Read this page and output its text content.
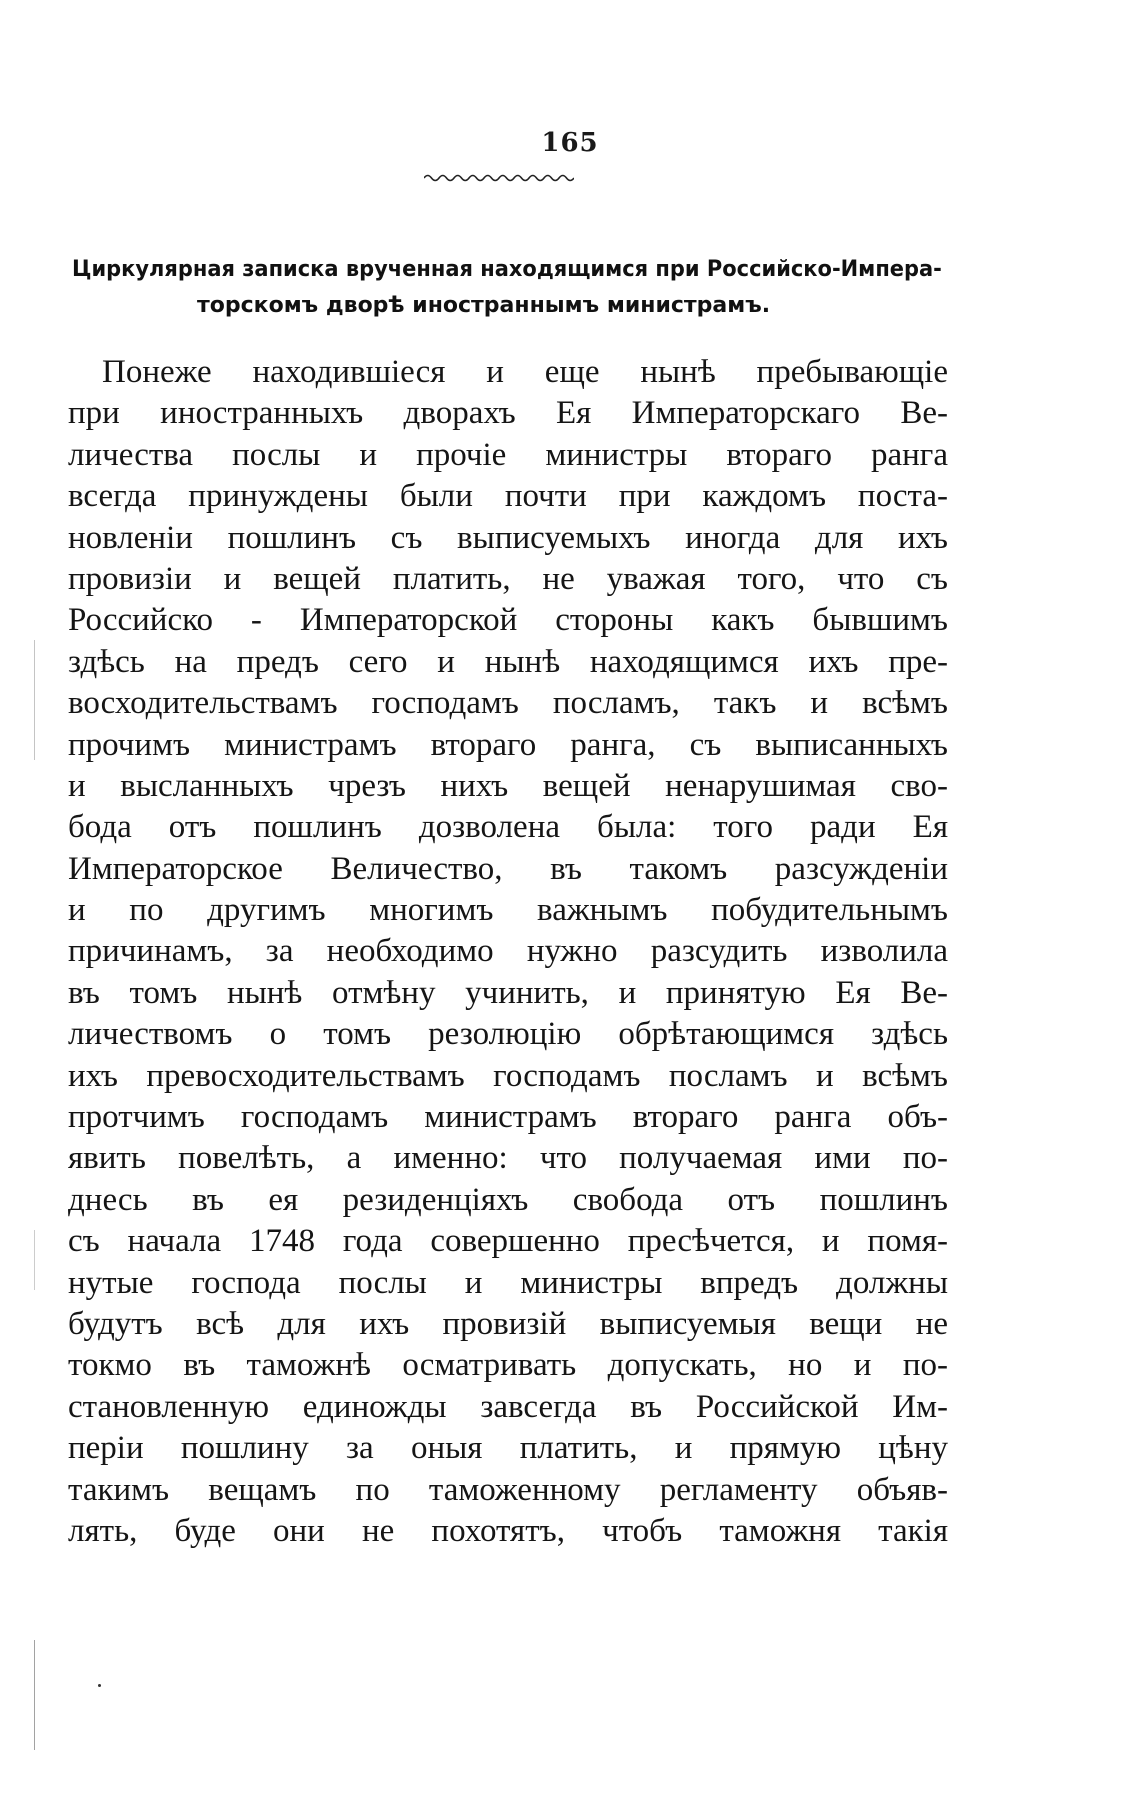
165
Циркулярная записка врученная находящимся при Российско-Импера-
торскомъ дворѣ иностраннымъ министрамъ.
Понеже находившіеся и еще нынѣ пребывающіе
при иностранныхъ дворахъ Ея Императорскаго Ве-
личества послы и прочіе министры втораго ранга
всегда принуждены были почти при каждомъ поста-
новленіи пошлинъ съ выписуемыхъ иногда для ихъ
провизіи и вещей платить, не уважая того, что съ
Российско - Императорской стороны какъ бывшимъ
здѣсь на предъ сего и нынѣ находящимся ихъ пре-
восходительствамъ господамъ посламъ, такъ и всѣмъ
прочимъ министрамъ втораго ранга, съ выписанныхъ
и высланныхъ чрезъ нихъ вещей ненарушимая сво-
бода отъ пошлинъ дозволена была: того ради Ея
Императорское Величество, въ такомъ разсужденіи
и по другимъ многимъ важнымъ побудительнымъ
причинамъ, за необходимо нужно разсудить изволила
въ томъ нынѣ отмѣну учинить, и принятую Ея Ве-
личествомъ о томъ резолюцію обрѣтающимся здѣсь
ихъ превосходительствамъ господамъ посламъ и всѣмъ
протчимъ господамъ министрамъ втораго ранга объ-
явить повелѣть, а именно: что получаемая ими по-
днесь въ ея резиденціяхъ свобода отъ пошлинъ
съ начала 1748 года совершенно пресѣчется, и помя-
нутые господа послы и министры впредъ должны
будутъ всѣ для ихъ провизій выписуемыя вещи не
токмо въ таможнѣ осматривать допускать, но и по-
становленную единожды завсегда въ Российской Им-
періи пошлину за оныя платить, и прямую цѣну
такимъ вещамъ по таможенному регламенту объяв-
лять, буде они не похотятъ, чтобъ таможня такія
